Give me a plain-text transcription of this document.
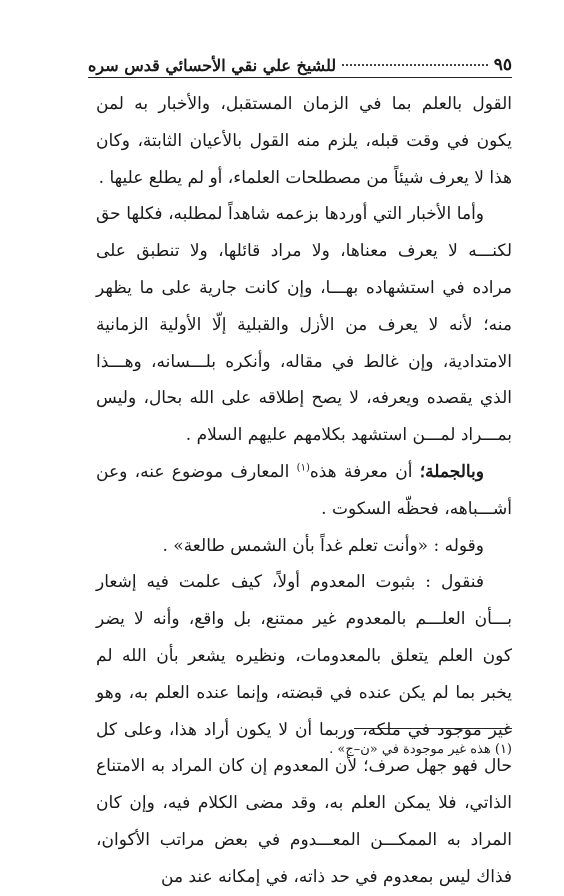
للشيخ علي نقي الأحسائي قدس سره	٩٥

القول بالعلم بما في الزمان المستقبل، والأخبار به لمن يكون في وقت قبله، يلزم منه القول بالأعيان الثابتة، وكان هذا لا يعرف شيئاً من مصطلحات العلماء، أو لم يطلع عليها .

وأما الأخبار التي أوردها بزعمه شاهداً لمطلبه، فكلها حق لكنـــه لا يعرف معناها، ولا مراد قائلها، ولا تنطبق على مراده في استشهاده بهـــا، وإن كانت جارية على ما يظهر منه؛ لأنه لا يعرف من الأزل والقبلية إلّا الأولية الزمانية الامتدادية، وإن غالط في مقاله، وأنكره بلـــسانه، وهـــذا الذي يقصده ويعرفه، لا يصح إطلاقه على الله بحال، وليس بمـــراد لمـــن استشهد بكلامهم عليهم السلام .

وبالجملة؛ أن معرفة هذه$^{(١)}$ المعارف موضوع عنه، وعن أشـــباهه، فحظّه السكوت .

وقوله : «وأنت تعلم غداً بأن الشمس طالعة» .

فنقول : بثبوت المعدوم أولاً، كيف علمت فيه إشعار بـــأن العلـــم بالمعدوم غير ممتنع، بل واقع، وأنه لا يضر كون العلم يتعلق بالمعدومات، ونظيره يشعر بأن الله لم يخبر بما لم يكن عنده في قبضته، وإنما عنده العلم به، وهو غير موجود في ملكه، وربما أن لا يكون أراد هذا، وعلى كل حال فهو جهل صرف؛ لأن المعدوم إن كان المراد به الامتناع الذاتي، فلا يمكن العلم به، وقد مضى الكلام فيه، وإن كان المراد به الممكـــن المعـــدوم في بعض مراتب الأكوان، فذاك ليس بمعدوم في حد ذاته، في إمكانه عند من

(١) هذه غير موجودة في «ن–ج» .
